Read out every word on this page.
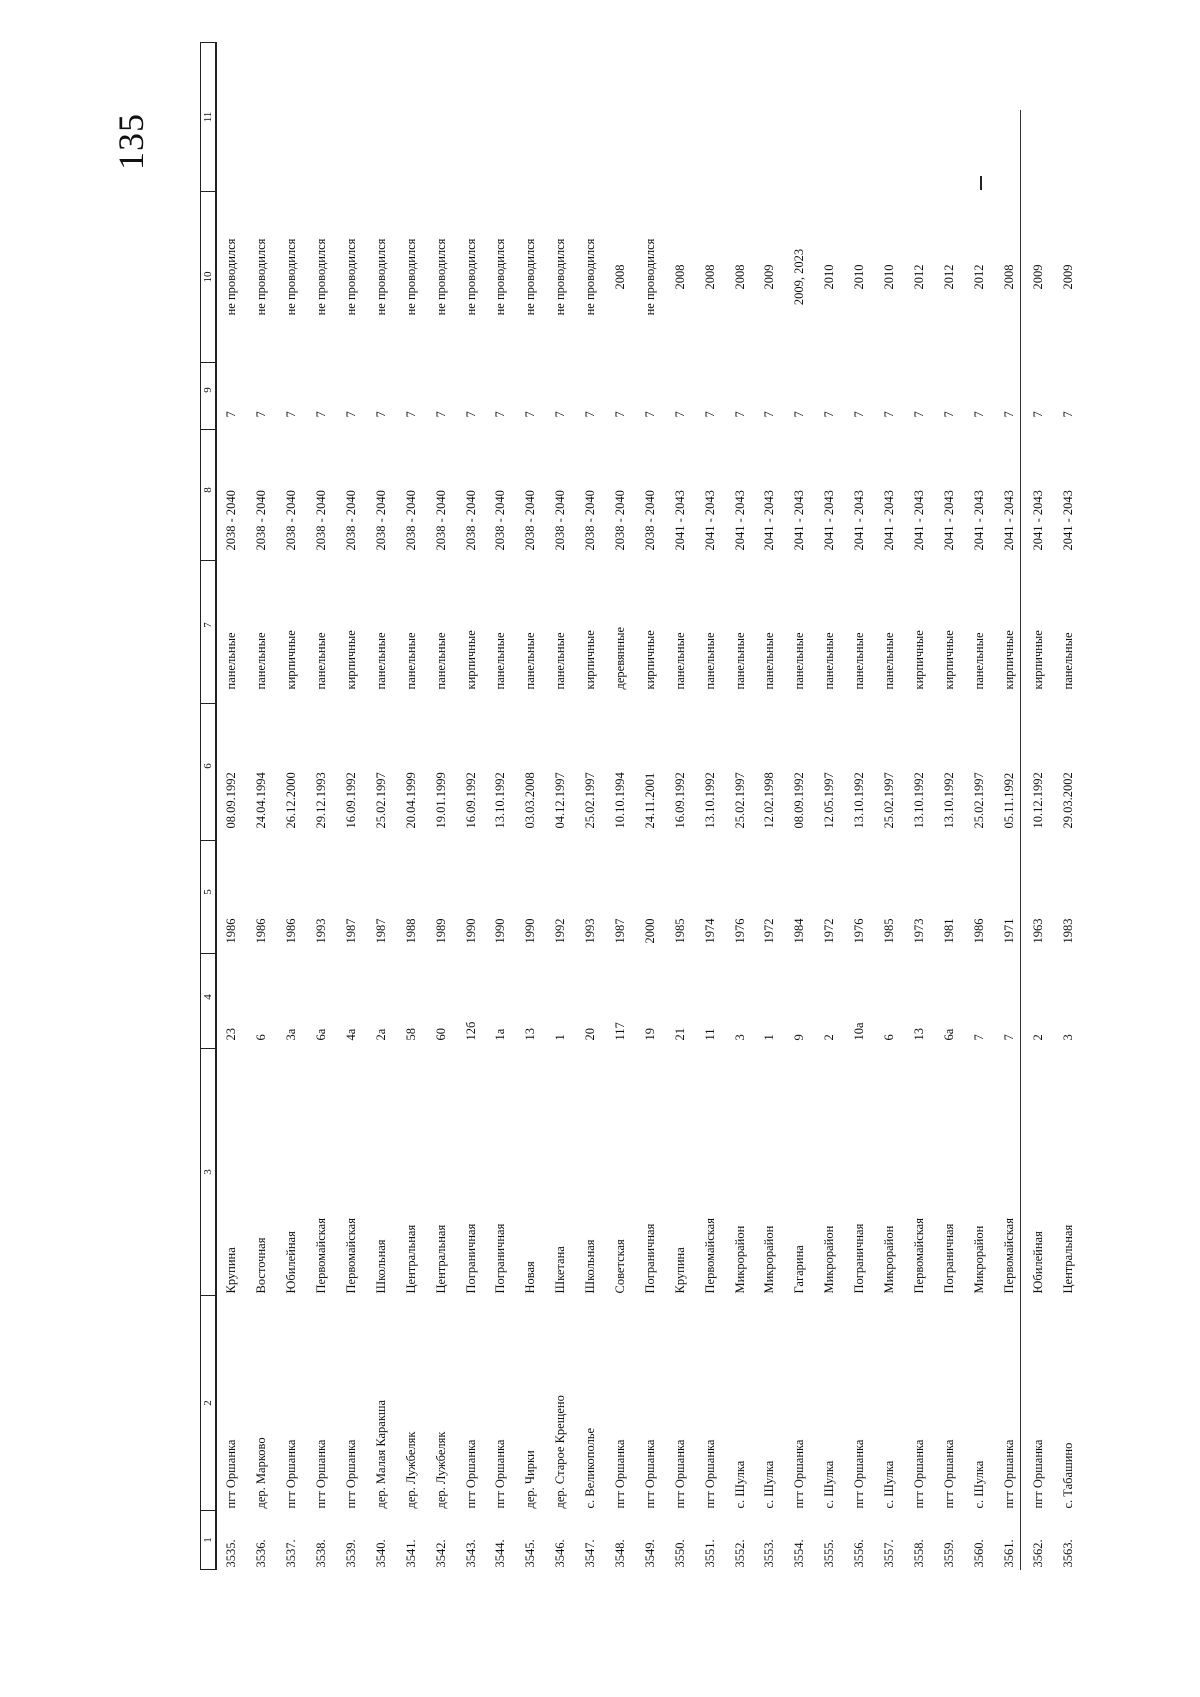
135
1	2	3	4	5	6	7	8	9	10	11
3535.	пгт Оршанка	Крупина	23	1986	08.09.1992	панельные	2038 - 2040	7	не проводился	
3536.	дер. Марково	Восточная	6	1986	24.04.1994	панельные	2038 - 2040	7	не проводился	
3537.	пгт Оршанка	Юбилейная	3а	1986	26.12.2000	кирпичные	2038 - 2040	7	не проводился	
3538.	пгт Оршанка	Первомайская	6а	1993	29.12.1993	панельные	2038 - 2040	7	не проводился	
3539.	пгт Оршанка	Первомайская	4а	1987	16.09.1992	кирпичные	2038 - 2040	7	не проводился	
3540.	дер. Малая Каракша	Школьная	2а	1987	25.02.1997	панельные	2038 - 2040	7	не проводился	
3541.	дер. Лужбеляк	Центральная	58	1988	20.04.1999	панельные	2038 - 2040	7	не проводился	
3542.	дер. Лужбеляк	Центральная	60	1989	19.01.1999	панельные	2038 - 2040	7	не проводился	
3543.	пгт Оршанка	Пограничная	12б	1990	16.09.1992	кирпичные	2038 - 2040	7	не проводился	
3544.	пгт Оршанка	Пограничная	1а	1990	13.10.1992	панельные	2038 - 2040	7	не проводился	
3545.	дер. Чирки	Новая	13	1990	03.03.2008	панельные	2038 - 2040	7	не проводился	
3546.	дер. Старое Крещено	Шкетана	1	1992	04.12.1997	панельные	2038 - 2040	7	не проводился	
3547.	с. Великополье	Школьная	20	1993	25.02.1997	кирпичные	2038 - 2040	7	не проводился	
3548.	пгт Оршанка	Советская	117	1987	10.10.1994	деревянные	2038 - 2040	7	2008	
3549.	пгт Оршанка	Пограничная	19	2000	24.11.2001	кирпичные	2038 - 2040	7	не проводился	
3550.	пгт Оршанка	Крупина	21	1985	16.09.1992	панельные	2041 - 2043	7	2008	
3551.	пгт Оршанка	Первомайская	11	1974	13.10.1992	панельные	2041 - 2043	7	2008	
3552.	с. Шулка	Микрорайон	3	1976	25.02.1997	панельные	2041 - 2043	7	2008	
3553.	с. Шулка	Микрорайон	1	1972	12.02.1998	панельные	2041 - 2043	7	2009	
3554.	пгт Оршанка	Гагарина	9	1984	08.09.1992	панельные	2041 - 2043	7	2009, 2023	
3555.	с. Шулка	Микрорайон	2	1972	12.05.1997	панельные	2041 - 2043	7	2010	
3556.	пгт Оршанка	Пограничная	10а	1976	13.10.1992	панельные	2041 - 2043	7	2010	
3557.	с. Шулка	Микрорайон	6	1985	25.02.1997	панельные	2041 - 2043	7	2010	
3558.	пгт Оршанка	Первомайская	13	1973	13.10.1992	кирпичные	2041 - 2043	7	2012	
3559.	пгт Оршанка	Пограничная	6а	1981	13.10.1992	кирпичные	2041 - 2043	7	2012	
3560.	с. Шулка	Микрорайон	7	1986	25.02.1997	панельные	2041 - 2043	7	2012	
3561.	пгт Оршанка	Первомайская	7	1971	05.11.1992	кирпичные	2041 - 2043	7	2008	
3562.	пгт Оршанка	Юбилейная	2	1963	10.12.1992	кирпичные	2041 - 2043	7	2009	
3563.	с. Табашино	Центральная	3	1983	29.03.2002	панельные	2041 - 2043	7	2009	
